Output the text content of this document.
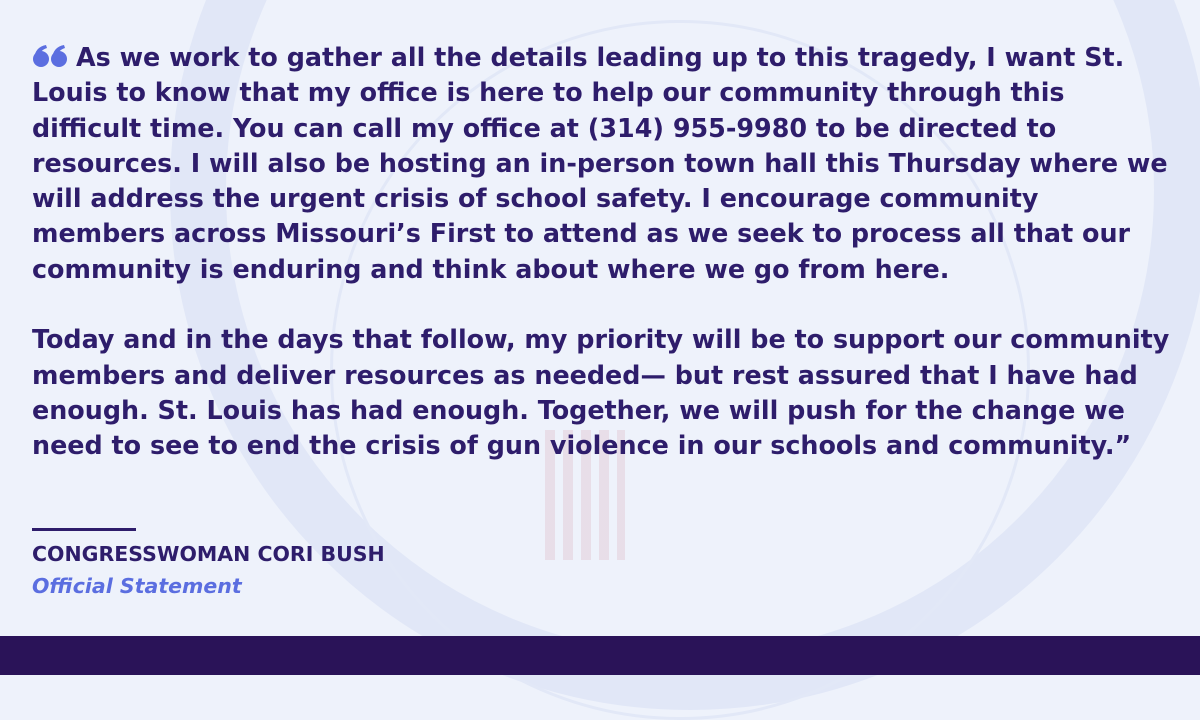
As we work to gather all the details leading up to this tragedy, I want St. Louis to know that my office is here to help our community through this difficult time. You can call my office at (314) 955-9980 to be directed to resources. I will also be hosting an in-person town hall this Thursday where we will address the urgent crisis of school safety. I encourage community members across Missouri’s First to attend as we seek to process all that our community is enduring and think about where we go from here.

Today and in the days that follow, my priority will be to support our community members and deliver resources as needed— but rest assured that I have had enough. St. Louis has had enough. Together, we will push for the change we need to see to end the crisis of gun violence in our schools and community.”

CONGRESSWOMAN CORI BUSH
Official Statement
